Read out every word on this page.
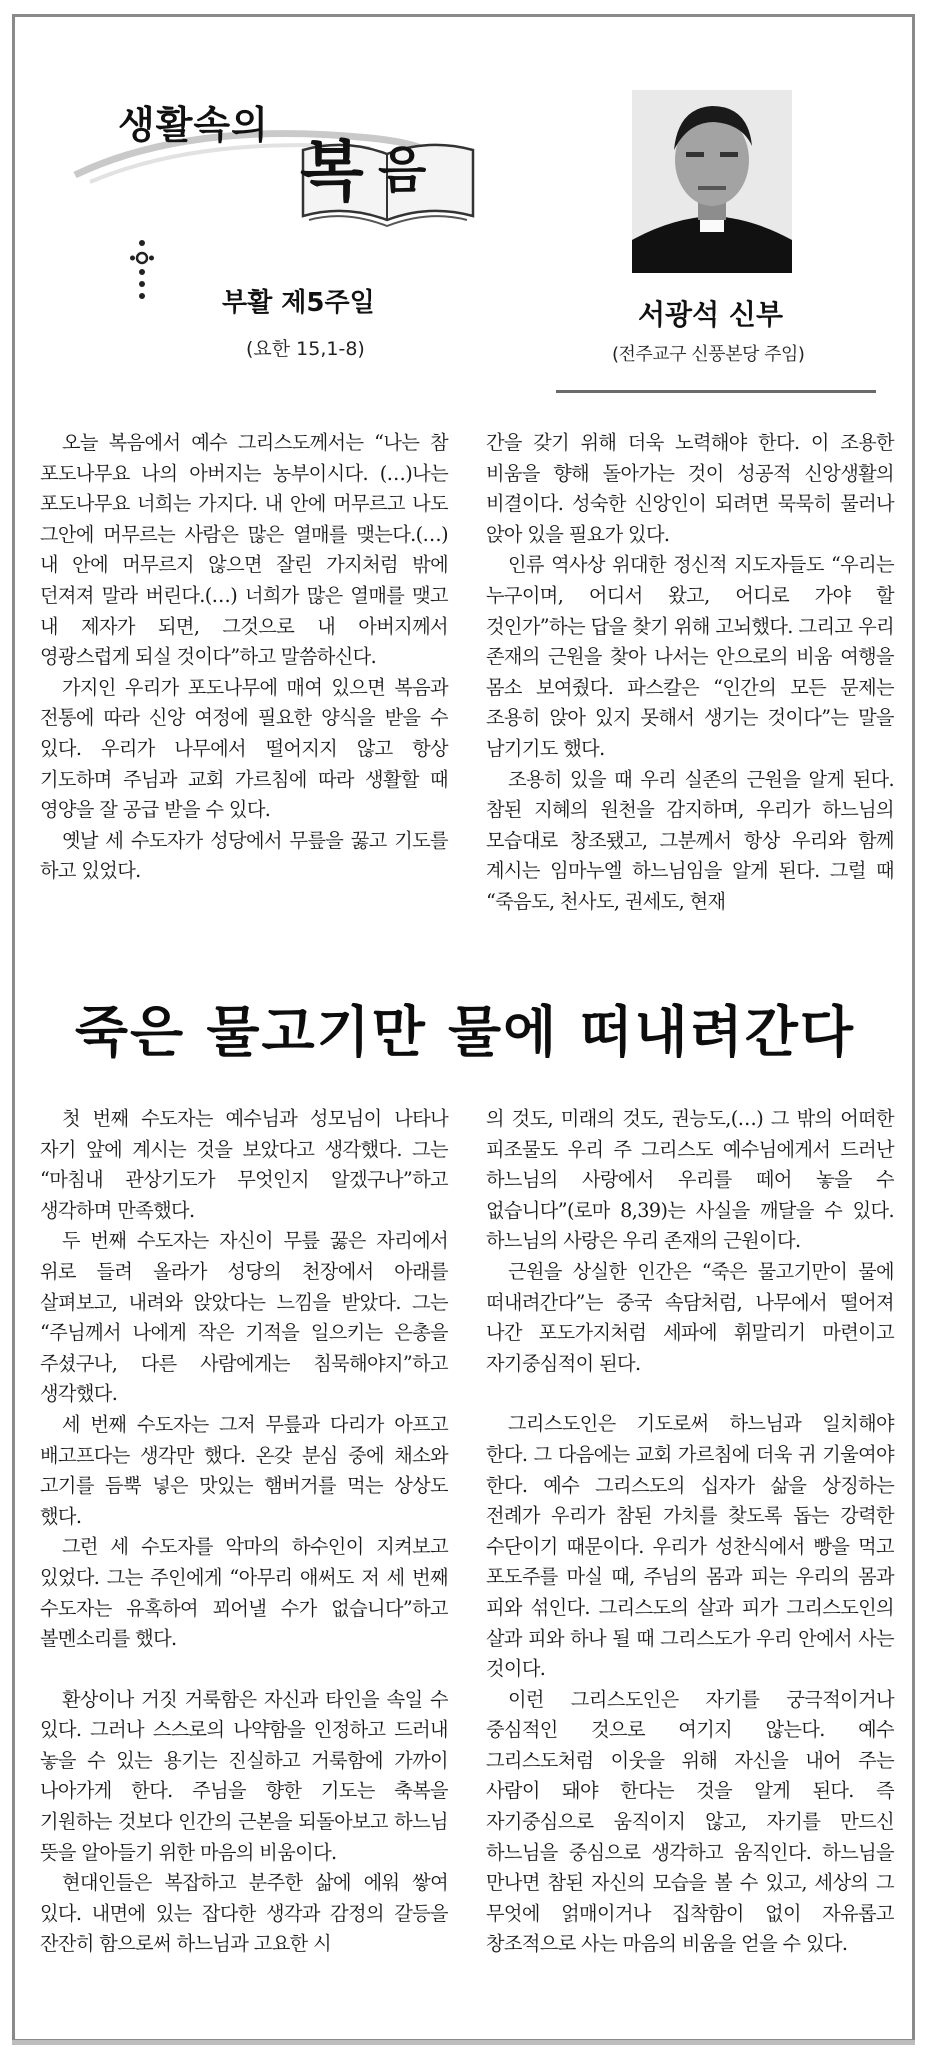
생활속의
복 음
부활 제5주일
(요한 15,1-8)
서광석 신부
(전주교구 신풍본당 주임)

오늘 복음에서 예수 그리스도께서는 “나는 참 포도나무요 나의 아버지는 농부이시다. (…)나는 포도나무요 너희는 가지다. 내 안에 머무르고 나도 그안에 머무르는 사람은 많은 열매를 맺는다.(…) 내 안에 머무르지 않으면 잘린 가지처럼 밖에 던져져 말라 버린다.(…) 너희가 많은 열매를 맺고 내 제자가 되면, 그것으로 내 아버지께서 영광스럽게 되실 것이다”하고 말씀하신다.

가지인 우리가 포도나무에 매여 있으면 복음과 전통에 따라 신앙 여정에 필요한 양식을 받을 수 있다. 우리가 나무에서 떨어지지 않고 항상 기도하며 주님과 교회 가르침에 따라 생활할 때 영양을 잘 공급 받을 수 있다.

옛날 세 수도자가 성당에서 무릎을 꿇고 기도를 하고 있었다.

간을 갖기 위해 더욱 노력해야 한다. 이 조용한 비움을 향해 돌아가는 것이 성공적 신앙생활의 비결이다. 성숙한 신앙인이 되려면 묵묵히 물러나 앉아 있을 필요가 있다.

인류 역사상 위대한 정신적 지도자들도 “우리는 누구이며, 어디서 왔고, 어디로 가야 할 것인가”하는 답을 찾기 위해 고뇌했다. 그리고 우리 존재의 근원을 찾아 나서는 안으로의 비움 여행을 몸소 보여줬다. 파스칼은 “인간의 모든 문제는 조용히 앉아 있지 못해서 생기는 것이다”는 말을 남기기도 했다.

조용히 있을 때 우리 실존의 근원을 알게 된다. 참된 지혜의 원천을 감지하며, 우리가 하느님의 모습대로 창조됐고, 그분께서 항상 우리와 함께 계시는 임마누엘 하느님임을 알게 된다. 그럴 때 “죽음도, 천사도, 권세도, 현재

죽은 물고기만 물에 떠내려간다

첫 번째 수도자는 예수님과 성모님이 나타나 자기 앞에 계시는 것을 보았다고 생각했다. 그는 “마침내 관상기도가 무엇인지 알겠구나”하고 생각하며 만족했다.

두 번째 수도자는 자신이 무릎 꿇은 자리에서 위로 들려 올라가 성당의 천장에서 아래를 살펴보고, 내려와 앉았다는 느낌을 받았다. 그는 “주님께서 나에게 작은 기적을 일으키는 은총을 주셨구나, 다른 사람에게는 침묵해야지”하고 생각했다.

세 번째 수도자는 그저 무릎과 다리가 아프고 배고프다는 생각만 했다. 온갖 분심 중에 채소와 고기를 듬뿍 넣은 맛있는 햄버거를 먹는 상상도 했다.

그런 세 수도자를 악마의 하수인이 지켜보고 있었다. 그는 주인에게 “아무리 애써도 저 세 번째 수도자는 유혹하여 꾀어낼 수가 없습니다”하고 볼멘소리를 했다.

환상이나 거짓 거룩함은 자신과 타인을 속일 수 있다. 그러나 스스로의 나약함을 인정하고 드러내 놓을 수 있는 용기는 진실하고 거룩함에 가까이 나아가게 한다. 주님을 향한 기도는 축복을 기원하는 것보다 인간의 근본을 되돌아보고 하느님 뜻을 알아들기 위한 마음의 비움이다.

현대인들은 복잡하고 분주한 삶에 에워 쌓여 있다. 내면에 있는 잡다한 생각과 감정의 갈등을 잔잔히 함으로써 하느님과 고요한 시

의 것도, 미래의 것도, 권능도,(…) 그 밖의 어떠한 피조물도 우리 주 그리스도 예수님에게서 드러난 하느님의 사랑에서 우리를 떼어 놓을 수 없습니다”(로마 8,39)는 사실을 깨달을 수 있다. 하느님의 사랑은 우리 존재의 근원이다.

근원을 상실한 인간은 “죽은 물고기만이 물에 떠내려간다”는 중국 속담처럼, 나무에서 떨어져 나간 포도가지처럼 세파에 휘말리기 마련이고 자기중심적이 된다.

그리스도인은 기도로써 하느님과 일치해야 한다. 그 다음에는 교회 가르침에 더욱 귀 기울여야 한다. 예수 그리스도의 십자가 삶을 상징하는 전례가 우리가 참된 가치를 찾도록 돕는 강력한 수단이기 때문이다. 우리가 성찬식에서 빵을 먹고 포도주를 마실 때, 주님의 몸과 피는 우리의 몸과 피와 섞인다. 그리스도의 살과 피가 그리스도인의 살과 피와 하나 될 때 그리스도가 우리 안에서 사는 것이다.

이런 그리스도인은 자기를 궁극적이거나 중심적인 것으로 여기지 않는다. 예수 그리스도처럼 이웃을 위해 자신을 내어 주는 사람이 돼야 한다는 것을 알게 된다. 즉 자기중심으로 움직이지 않고, 자기를 만드신 하느님을 중심으로 생각하고 움직인다. 하느님을 만나면 참된 자신의 모습을 볼 수 있고, 세상의 그 무엇에 얽매이거나 집착함이 없이 자유롭고 창조적으로 사는 마음의 비움을 얻을 수 있다.
